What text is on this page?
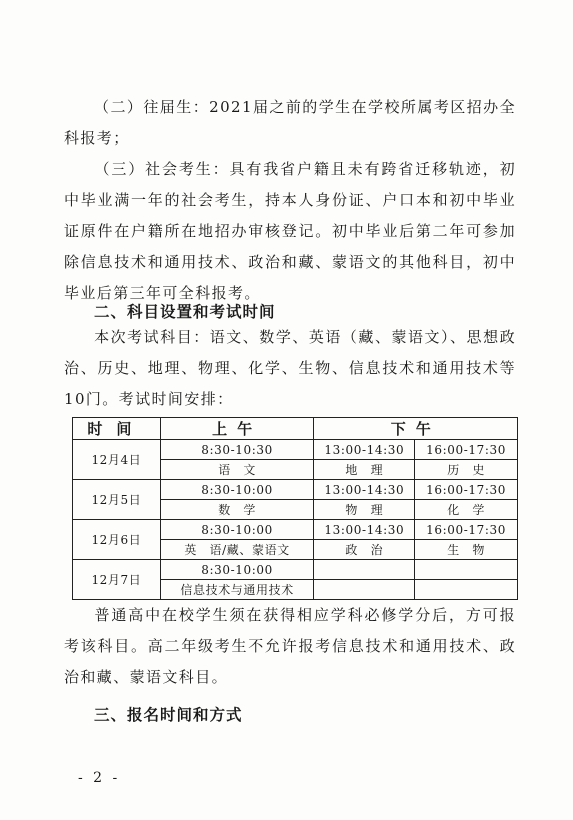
（二）往届生：2021届之前的学生在学校所属考区招办全科报考；

（三）社会考生：具有我省户籍且未有跨省迁移轨迹，初中毕业满一年的社会考生，持本人身份证、户口本和初中毕业证原件在户籍所在地招办审核登记。初中毕业后第二年可参加除信息技术和通用技术、政治和藏、蒙语文的其他科目，初中毕业后第三年可全科报考。

二、科目设置和考试时间

本次考试科目：语文、数学、英语（藏、蒙语文）、思想政治、历史、地理、物理、化学、生物、信息技术和通用技术等10门。考试时间安排：

时间	上午	下午	
12月4日	8:30-10:30	13:00-14:30	16:00-17:30
	语　文	地　理	历　史
12月5日	8:30-10:00	13:00-14:30	16:00-17:30
	数　学	物　理	化　学
12月6日	8:30-10:00	13:00-14:30	16:00-17:30
	英　语/藏、蒙语文	政　治	生　物
12月7日	8:30-10:00		
	信息技术与通用技术		

普通高中在校学生须在获得相应学科必修学分后，方可报考该科目。高二年级考生不允许报考信息技术和通用技术、政治和藏、蒙语文科目。

三、报名时间和方式

- 2 -
